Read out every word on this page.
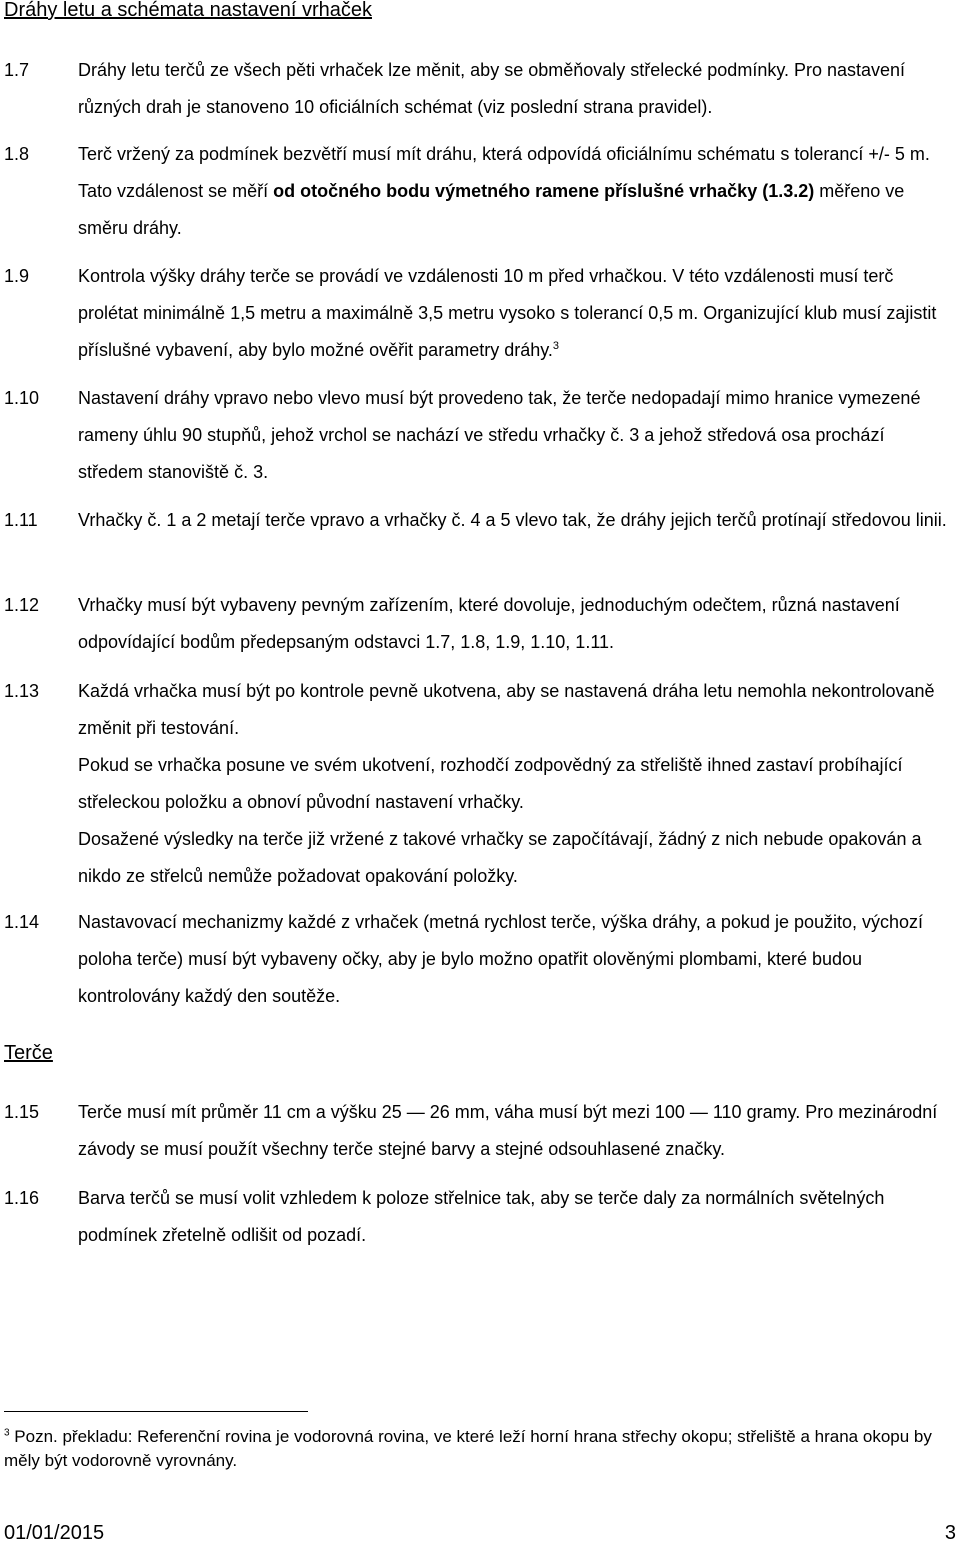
Dráhy letu a schémata nastavení vrhaček
1.7	Dráhy letu terčů ze všech pěti vrhaček lze měnit, aby se obměňovaly střelecké podmínky. Pro nastavení různých drah je stanoveno 10 oficiálních schémat (viz poslední strana pravidel).
1.8	Terč vržený za podmínek bezvětří musí mít dráhu, která odpovídá oficiálnímu schématu s tolerancí +/- 5 m. Tato vzdálenost se měří od otočného bodu výmetného ramene příslušné vrhačky (1.3.2) měřeno ve směru dráhy.
1.9	Kontrola výšky dráhy terče se provádí ve vzdálenosti 10 m před vrhačkou. V této vzdálenosti musí terč prolétat minimálně 1,5 metru a maximálně 3,5 metru vysoko s tolerancí 0,5 m. Organizující klub musí zajistit příslušné vybavení, aby bylo možné ověřit parametry dráhy.$^3$
1.10	Nastavení dráhy vpravo nebo vlevo musí být provedeno tak, že terče nedopadají mimo hranice vymezené rameny úhlu 90 stupňů, jehož vrchol se nachází ve středu vrhačky č. 3 a jehož středová osa prochází středem stanoviště č. 3.
1.11	Vrhačky č. 1 a 2 metají terče vpravo a vrhačky č. 4 a 5 vlevo tak, že dráhy jejich terčů protínají středovou linii.
1.12	Vrhačky musí být vybaveny pevným zařízením, které dovoluje, jednoduchým odečtem, různá nastavení odpovídající bodům předepsaným odstavci 1.7, 1.8, 1.9, 1.10, 1.11.
1.13	Každá vrhačka musí být po kontrole pevně ukotvena, aby se nastavená dráha letu nemohla nekontrolovaně změnit při testování.
Pokud se vrhačka posune ve svém ukotvení, rozhodčí zodpovědný za střeliště ihned zastaví probíhající střeleckou položku a obnoví původní nastavení vrhačky.
Dosažené výsledky na terče již vržené z takové vrhačky se započítávají, žádný z nich nebude opakován a nikdo ze střelců nemůže požadovat opakování položky.
1.14	Nastavovací mechanizmy každé z vrhaček (metná rychlost terče, výška dráhy, a pokud je použito, výchozí poloha terče) musí být vybaveny očky, aby je bylo možno opatřit olověnými plombami, které budou kontrolovány každý den soutěže.
Terče
1.15	Terče musí mít průměr 11 cm a výšku 25 — 26 mm, váha musí být mezi 100 — 110 gramy. Pro mezinárodní závody se musí použít všechny terče stejné barvy a stejné odsouhlasené značky.
1.16	Barva terčů se musí volit vzhledem k poloze střelnice tak, aby se terče daly za normálních světelných podmínek zřetelně odlišit od pozadí.
$^3$ Pozn. překladu: Referenční rovina je vodorovná rovina, ve které leží horní hrana střechy okopu; střeliště a hrana okopu by měly být vodorovně vyrovnány.
01/01/2015	3
